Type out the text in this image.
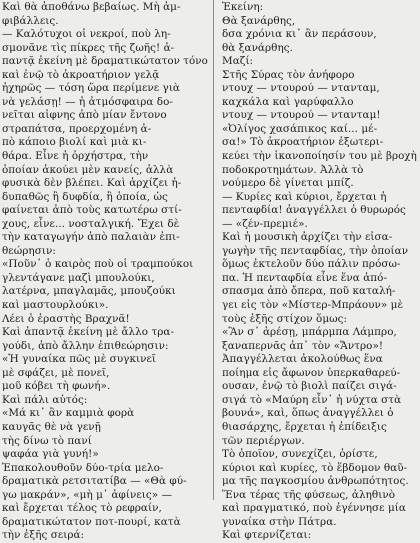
Καὶ θὰ ἀποθάνω βεβαίως. Μὴ ἀμ-
φιβάλλεις.
— Καλότυχοι οἱ νεκροί, ποὺ λη-
σμονᾶνε τὶς πίκρες τῆς ζωῆς! ἀ-
παντᾷ ἐκείνη μὲ δραματικώτατον τόνο
καὶ ἐνῷ τὸ ἀκροατήριον γελᾷ
ἠχηρῶς — τόση ὥρα περίμενε γιὰ
νὰ γελάσῃ! — ἡ ἀτμόσφαιρα δο-
νεῖται αἰφνης ἀπὸ μίαν ἔντονο
στραπάτσα, προερχομένη ἀ-
πὸ κάποιο βιολί καὶ μιὰ κι-
θάρα. Εἶνε ἡ ὀρχήστρα, τὴν
ὁποίαν ἀκούει μὲν κανείς, ἀλλὰ
φυσικὰ δὲν βλέπει. Καὶ ἀρχίζει ἠ-
δυπαθῶς ἢ δυφδία, ἢ ὁποία, ὡς
φαίνεται ἀπὸ τοὺς κατωτέρω στί-
χους, εἶνε... νοσταλγική. Ἔχει δὲ
τὴν καταγωγήν ἀπὸ παλαιὰν ἐπι-
θεώρησιν:
«Ποῦν᾽ ὁ καιρὸς ποὺ οἱ τραμπούκοι
γλεντάγανε μαζὶ μπουλούκι,
λατέρνα, μπαγλαμᾶς, μπουζούκι
καὶ μαστουρλούκι».
Λέει ὁ ἐραστὴς Βραχνᾶ!
Καὶ ἀπαντᾷ ἐκείνη μὲ ἄλλο τρα-
γούδι, ἀπὸ ἄλλην ἐπιθεώρησιν:
«Ἡ γυναίκα πῶς μὲ συγκινεῖ
μὲ σφάζει, μὲ πονεῖ,
μοῦ κόβει τὴ φωνή».
Καὶ πάλι αὐτός:
«Μά κι᾽ ἂν καμμιὰ φορὰ
καυγᾶς θὲ νὰ γενῇ
τὴς δίνω τὸ πανί
ψαφάα γιὰ γυνή!»
Ἐπακολουθοῦν δύο-τρία μελο-
δραματικὰ ρετσιτατίβα — «Θὰ φύ-
γω μακράν», «μὴ μ᾽ ἀφίνεις» —
καὶ ἔρχεται τέλος τὸ ρεφραίν,
δραματικώτατον ποτ-πουρί, κατὰ
τὴν ἑξῆς σειρά:
Ἐκείνη:
Θὰ ξανάρθης,
δσα χρόνια κι᾽ ἂν περάσουν,
θὰ ξανάρθης.
Μαζί:
Στῆς Σύρας τὸν ἀνήφορο
ντουχ — ντουρού — ντανταμ,
καχκάλα καὶ γαρύφαλλο
ντουχ — ντουρού — ντανταμ!
«Ὀλίγος χασάπικος καί... μέ-
σα!» Τὸ ἀκροατήριον ἐξωτερι-
κεύει τὴν ἱκανοποίησίν του μὲ βροχὴ
ποδοκροτημάτων. Ἀλλὰ τὸ
νούμερο δὲ γίνεται μπίζ.
— Κυρίες καὶ κύριοι, ἔρχεται ἡ
πενταφδία! ἀναγγέλλει ὁ θυρωρός
— «ζέν-πρεμιέ».
Καὶ ἡ μουσικὴ ἀρχίζει τὴν εἰσα-
γωγὴν τῆς πενταφδίας, τὴν ὁποίαν
ὅμως ἐκτελοῦν δύο πάλιν πρόσω-
πα. Ἡ πενταφδία εἶνε ἕνα ἀπό-
σπασμα ἀπὸ ὄπερα, ποῦ καταλή-
γει εἰς τὸν «Μίστερ-Μπράουν» μὲ
τοὺς ἑξῆς στίχον ὅμως:
«Ἂν σ᾽ ἀρέσῃ, μπάρμπα Λάμπρο,
ξαναπερνᾶς ἀπ᾽ τὸν «Ἄντρο»!
Ἀπαγγέλλεται ἀκολούθως ἕνα
ποίημα εἰς ἄφωνον ὑπερκαθαρεύ-
ουσαν, ἐνῷ τὸ βιολὶ παίζει σιγά-
σιγά τὸ «Μαύρη εἶν᾽ ἡ νύχτα στὰ
βουνά», καὶ, ὅπως ἀναγγέλλει ὁ
θιασάρχης, ἔρχεται ἡ ἐπίδειξις
τῶν περιέργων.
Τὸ ὁποῖον, συνεχίζει, ὁρίστε,
κύριοι καὶ κυρίες, τὸ ἕβδομον θαῦ-
μα τῆς παγκοσμίου ἀνθρωπότητος.
Ἕνα τέρας τῆς φύσεως, ἀληθινὸ
καὶ πραγματικό, ποὺ ἐγέννησε μία
γυναίκα στὴν Πάτρα.
Καὶ φτερνίζεται:
